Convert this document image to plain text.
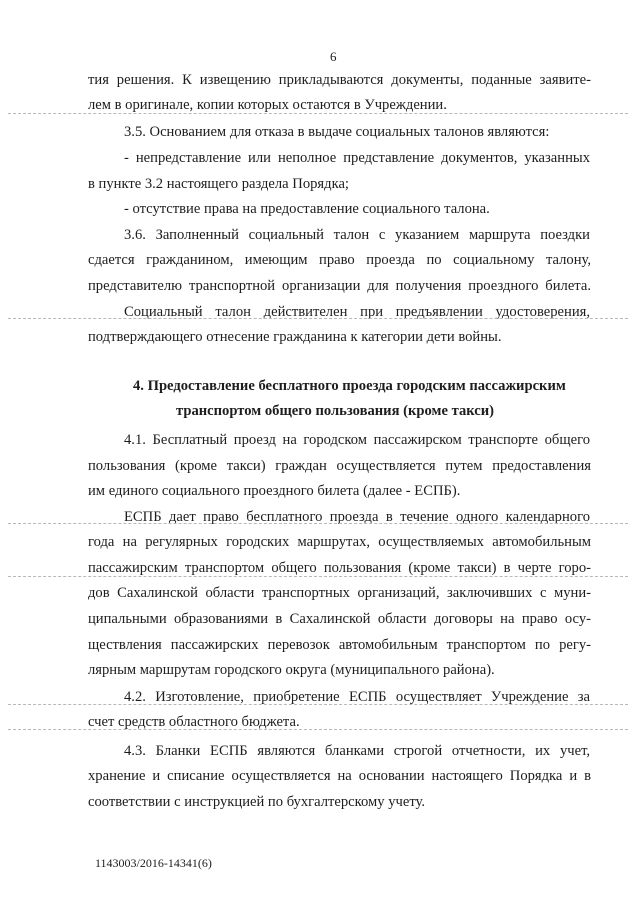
6
тия решения. К извещению прикладываются документы, поданные заявите-
лем в оригинале, копии которых остаются в Учреждении.
3.5. Основанием для отказа в выдаче социальных талонов являются:
- непредставление или неполное представление документов, указанных
в пункте 3.2 настоящего раздела Порядка;
- отсутствие права на предоставление социального талона.
3.6. Заполненный социальный талон с указанием маршрута поездки
сдается гражданином, имеющим право проезда по социальному талону,
представителю транспортной организации для получения проездного билета.
Социальный талон действителен при предъявлении удостоверения,
подтверждающего отнесение гражданина к категории дети войны.
4. Предоставление бесплатного проезда городским пассажирским
транспортом общего пользования (кроме такси)
4.1. Бесплатный проезд на городском пассажирском транспорте общего
пользования (кроме такси) граждан осуществляется путем предоставления
им единого социального проездного билета (далее - ЕСПБ).
ЕСПБ дает право бесплатного проезда в течение одного календарного
года на регулярных городских маршрутах, осуществляемых автомобильным
пассажирским транспортом общего пользования (кроме такси) в черте горо-
дов Сахалинской области транспортных организаций, заключивших с муни-
ципальными образованиями в Сахалинской области договоры на право осу-
ществления пассажирских перевозок автомобильным транспортом по регу-
лярным маршрутам городского округа (муниципального района).
4.2. Изготовление, приобретение ЕСПБ осуществляет Учреждение за
счет средств областного бюджета.
4.3. Бланки ЕСПБ являются бланками строгой отчетности, их учет,
хранение и списание осуществляется на основании настоящего Порядка и в
соответствии с инструкцией по бухгалтерскому учету.
1143003/2016-14341(6)
